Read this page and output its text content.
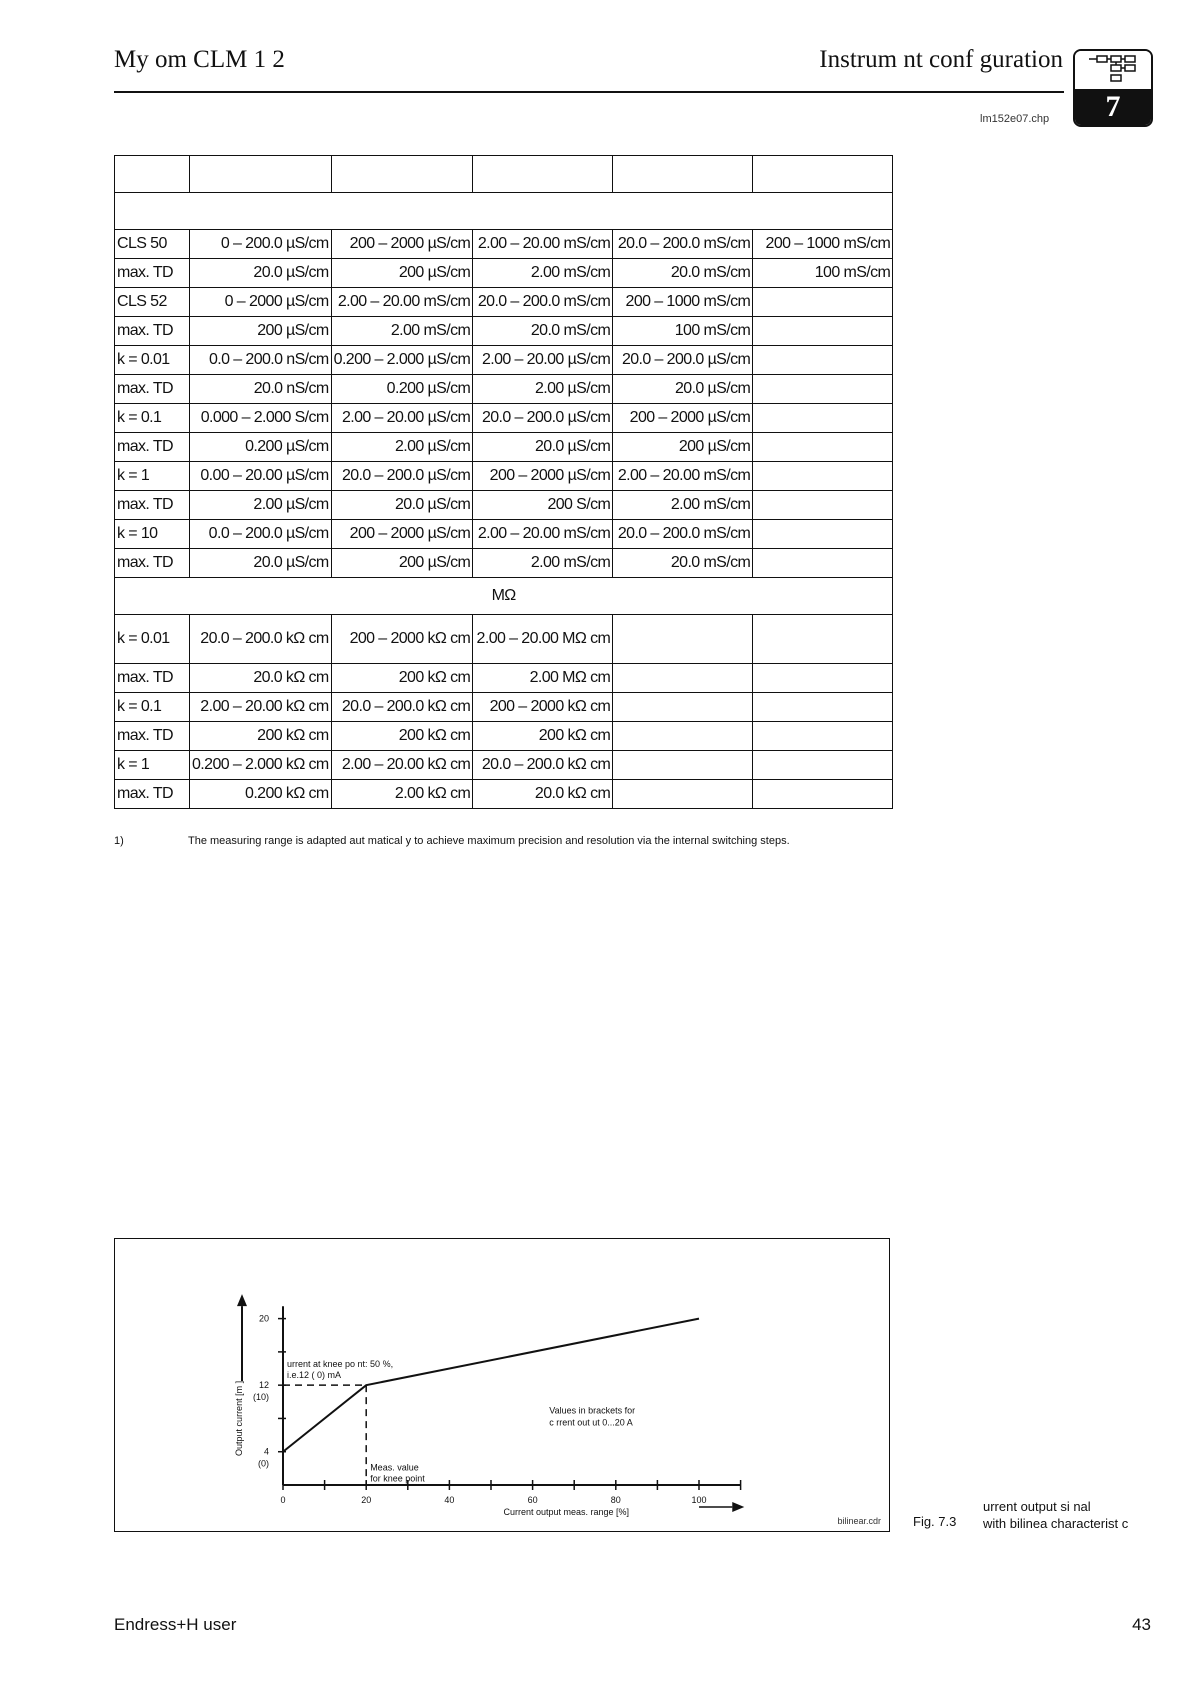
My om CLM 1 2	Instrum nt conf guration
7
lm152e07.chp

CLS 50	0 – 200.0 µS/cm	200 – 2000 µS/cm	2.00 – 20.00 mS/cm	20.0 – 200.0 mS/cm	200 – 1000 mS/cm
max. TD	20.0 µS/cm	200 µS/cm	2.00 mS/cm	20.0 mS/cm	100 mS/cm
CLS 52	0 – 2000 µS/cm	2.00 – 20.00 mS/cm	20.0 – 200.0 mS/cm	200 – 1000 mS/cm	
max. TD	200 µS/cm	2.00 mS/cm	20.0 mS/cm	100 mS/cm	
k = 0.01	0.0 – 200.0 nS/cm	0.200 – 2.000 µS/cm	2.00 – 20.00 µS/cm	20.0 – 200.0 µS/cm	
max. TD	20.0 nS/cm	0.200 µS/cm	2.00 µS/cm	20.0 µS/cm	
k = 0.1	0.000 – 2.000 S/cm	2.00 – 20.00 µS/cm	20.0 – 200.0 µS/cm	200 – 2000 µS/cm	
max. TD	0.200 µS/cm	2.00 µS/cm	20.0 µS/cm	200 µS/cm	
k = 1	0.00 – 20.00 µS/cm	20.0 – 200.0 µS/cm	200 – 2000 µS/cm	2.00 – 20.00 mS/cm	
max. TD	2.00 µS/cm	20.0 µS/cm	200 S/cm	2.00 mS/cm	
k = 10	0.0 – 200.0 µS/cm	200 – 2000 µS/cm	2.00 – 20.00 mS/cm	20.0 – 200.0 mS/cm	
max. TD	20.0 µS/cm	200 µS/cm	2.00 mS/cm	20.0 mS/cm	
MΩ					
k = 0.01	20.0 – 200.0 kΩ cm	200 – 2000 kΩ cm	2.00 – 20.00 MΩ cm		
max. TD	20.0 kΩ cm	200 kΩ cm	2.00 MΩ cm		
k = 0.1	2.00 – 20.00 kΩ cm	20.0 – 200.0 kΩ cm	200 – 2000 kΩ cm		
max. TD	200 kΩ cm	200 kΩ cm	200 kΩ cm		
k = 1	0.200 – 2.000 kΩ cm	2.00 – 20.00 kΩ cm	20.0 – 200.0 kΩ cm		
max. TD	0.200 kΩ cm	2.00 kΩ cm	20.0 kΩ cm		
1)	The measuring range is adapted aut matical y to achieve maximum precision and resolution via the internal switching steps.
0	20	40	60	80	100
20
12
(10)
4
(0)
Current output meas. range [%]
Output current [m ]
urrent at knee po nt: 50 %,
i.e.12 ( 0) mA
Meas. value
for knee point
Values in brackets for
c rrent out ut 0...20 A
bilinear.cdr Fig. 7.3
urrent output si nal
with bilinea characterist c
Endress+H user	43
